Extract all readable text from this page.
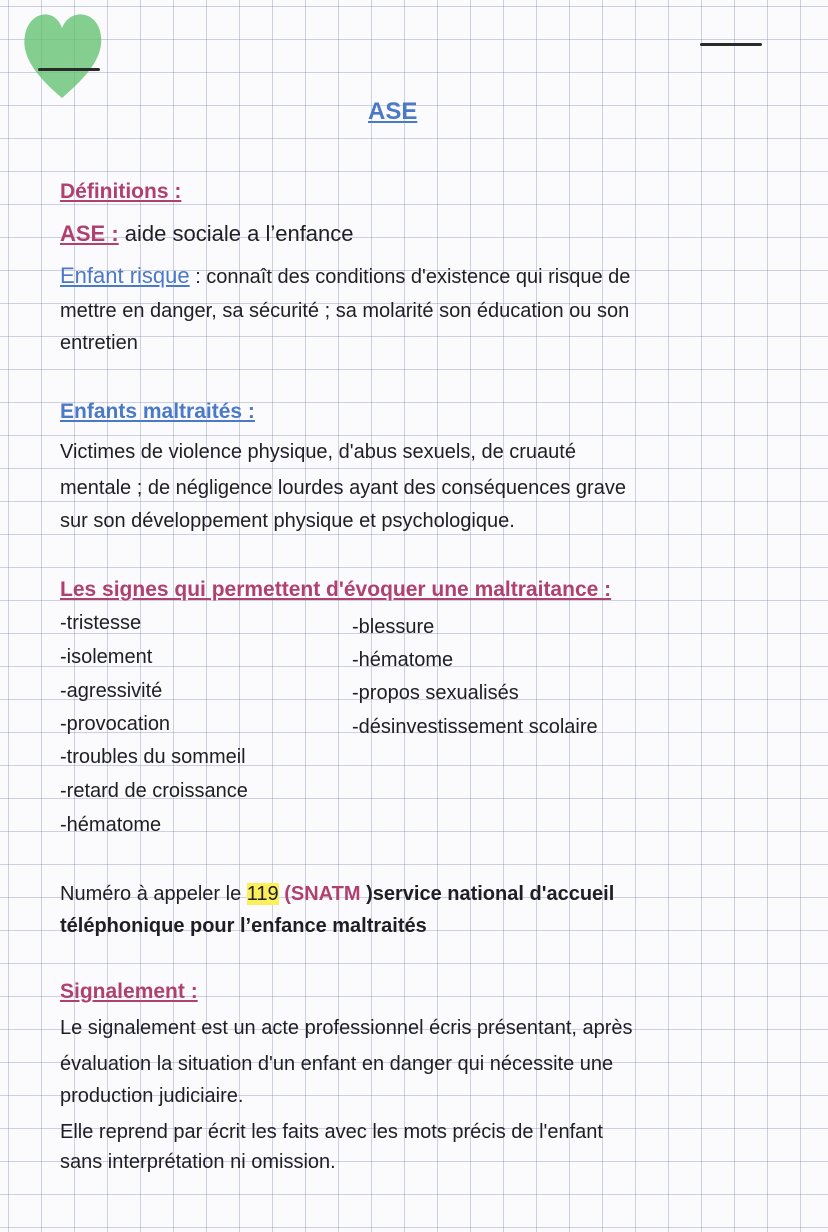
ASE
Définitions :
ASE : aide sociale a l’enfance
Enfant risque : connaît des conditions d'existence qui risque de
mettre en danger, sa sécurité ; sa molarité son éducation ou son
entretien
Enfants maltraités :
Victimes de violence physique, d'abus sexuels, de cruauté
mentale ; de négligence lourdes ayant des conséquences grave
sur son développement physique et psychologique.
Les signes qui permettent d'évoquer une maltraitance :
-tristesse
-isolement
-agressivité
-provocation
-troubles du sommeil
-retard de croissance
-hématome
-blessure
-hématome
-propos sexualisés
-désinvestissement scolaire
Numéro à appeler le 119 (SNATM )service national d'accueil
téléphonique pour l’enfance maltraités
Signalement :
Le signalement est un acte professionnel écris présentant, après
évaluation la situation d'un enfant en danger qui nécessite une
production judiciaire.
Elle reprend par écrit les faits avec les mots précis de l'enfant
sans interprétation ni omission.
